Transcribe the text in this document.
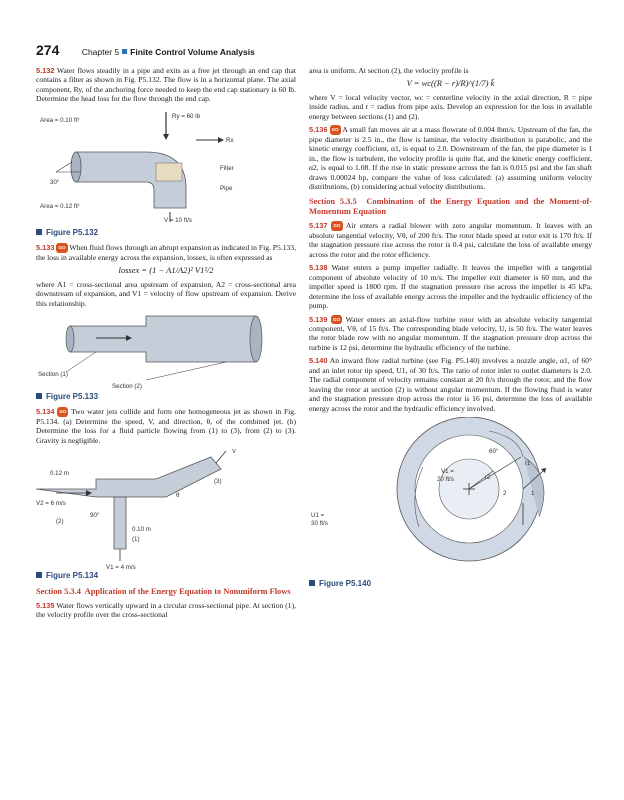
274	Chapter 5 Finite Control Volume Analysis

5.132 Water flows steadily in a pipe and exits as a free jet through an end cap that contains a filter as shown in Fig. P5.132. The flow is in a horizontal plane. The axial component, Ry, of the anchoring force needed to keep the end cap stationary is 60 lb. Determine the head loss for the flow through the end cap.

Area = 0.10 ft²
Ry = 60 lb
Rx
Filter
30°
Pipe
Area = 0.12 ft²
V = 10 ft/s
Figure P5.132

5.133 GO When fluid flows through an abrupt expansion as indicated in Fig. P5.133, the loss in available energy across the expansion, lossex, is often expressed as

lossex = (1 − A1/A2)² V1²/2

where A1 = cross-sectional area upstream of expansion, A2 = cross-sectional area downstream of expansion, and V1 = velocity of flow upstream of expansion. Derive this relationship.

Section (1)
Section (2)
Figure P5.133

5.134 GO Two water jets collide and form one homogeneous jet as shown in Fig. P5.134. (a) Determine the speed, V, and direction, θ, of the combined jet. (b) Determine the loss for a fluid particle flowing from (1) to (3), from (2) to (3). Gravity is negligible.

V
0.12 m
(3)
θ
V2 = 6 m/s
(2)
90°
0.10 m
(1)
V1 = 4 m/s
Figure P5.134
Section 5.3.4 Application of the Energy Equation to Nonuniform Flows

5.135 Water flows vertically upward in a circular cross-sectional pipe. At section (1), the velocity profile over the cross-sectional

area is uniform. At section (2), the velocity profile is

V = wc((R − r)/R)^(1/7) k̂

where V = local velocity vector, wc = centerline velocity in the axial direction, R = pipe inside radius, and r = radius from pipe axis. Develop an expression for the loss in available energy between sections (1) and (2).

5.136 GO A small fan moves air at a mass flowrate of 0.004 lbm/s. Upstream of the fan, the pipe diameter is 2.5 in., the flow is laminar, the velocity distribution is parabolic, and the kinetic energy coefficient, α1, is equal to 2.0. Downstream of the fan, the pipe diameter is 1 in., the flow is turbulent, the velocity profile is quite flat, and the kinetic energy coefficient, α2, is equal to 1.08. If the rise in static pressure across the fan is 0.015 psi and the fan shaft draws 0.00024 hp, compare the value of loss calculated: (a) assuming uniform velocity distributions, (b) considering actual velocity distributions.

Section 5.3.5 Combination of the Energy Equation and the Moment-of-Momentum Equation

5.137 GO Air enters a radial blower with zero angular momentum. It leaves with an absolute tangential velocity, Vθ, of 200 ft/s. The rotor blade speed at rotor exit is 170 ft/s. If the stagnation pressure rise across the rotor is 0.4 psi, calculate the loss of available energy across the rotor and the rotor efficiency.

5.138 Water enters a pump impeller radially. It leaves the impeller with a tangential component of absolute velocity of 10 m/s. The impeller exit diameter is 60 mm, and the impeller speed is 1800 rpm. If the stagnation pressure rise across the impeller is 45 kPa, determine the loss of available energy across the impeller and the hydraulic efficiency of the pump.

5.139 GO Water enters an axial-flow turbine rotor with an absolute velocity tangential component, Vθ, of 15 ft/s. The corresponding blade velocity, U, is 50 ft/s. The water leaves the rotor blade row with no angular momentum. If the stagnation pressure drop across the turbine is 12 psi, determine the hydraulic efficiency of the turbine.

5.140 An inward flow radial turbine (see Fig. P5.140) involves a nozzle angle, α1, of 60° and an inlet rotor tip speed, U1, of 30 ft/s. The ratio of rotor inlet to outlet diameters is 2.0. The radial component of velocity remains constant at 20 ft/s through the rotor, and the flow leaving the rotor at section (2) is without angular momentum. If the flowing fluid is water and the stagnation pressure drop across the rotor is 16 psi, determine the loss of available energy across the rotor and the hydraulic efficiency involved.

60°
r1
r2
V1 =
20 ft/s
2	1
U1 =
30 ft/s
Figure P5.140
